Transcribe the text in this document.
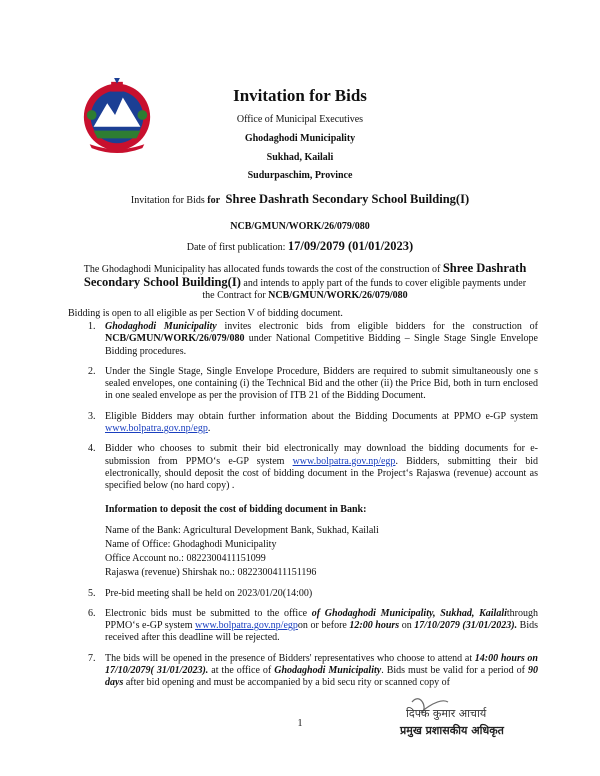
Invitation for Bids
Office of Municipal Executives
Ghodaghodi Municipality
Sukhad, Kailali
Sudurpaschim, Province
Invitation for Bids for Shree Dashrath Secondary School Building(I)
NCB/GMUN/WORK/26/079/080
Date of first publication: 17/09/2079 (01/01/2023)
The Ghodaghodi Municipality has allocated funds towards the cost of the construction of Shree Dashrath Secondary School Building(I) and intends to apply part of the funds to cover eligible payments under the Contract for NCB/GMUN/WORK/26/079/080
Bidding is open to all eligible as per Section V of bidding document.
1. Ghodaghodi Municipality invites electronic bids from eligible bidders for the construction of NCB/GMUN/WORK/26/079/080 under National Competitive Bidding – Single Stage Single Envelope Bidding procedures.
2. Under the Single Stage, Single Envelope Procedure, Bidders are required to submit simultaneously one s sealed envelopes, one containing (i) the Technical Bid and the other (ii) the Price Bid, both in turn enclosed in one sealed envelope as per the provision of ITB 21 of the Bidding Document.
3. Eligible Bidders may obtain further information about the Bidding Documents at PPMO e-GP system www.bolpatra.gov.np/egp.
4. Bidder who chooses to submit their bid electronically may download the bidding documents for e-submission from PPMO‘s e-GP system www.bolpatra.gov.np/egp. Bidders, submitting their bid electronically, should deposit the cost of bidding document in the Project‘s Rajaswa (revenue) account as specified below (no hard copy) .

Information to deposit the cost of bidding document in Bank:

Name of the Bank: Agricultural Development Bank, Sukhad, Kailali

Name of Office: Ghodaghodi Municipality

Office Account no.: 0822300411151099

Rajaswa (revenue) Shirshak no.: 0822300411151196

5. Pre-bid meeting shall be held on 2023/01/20(14:00)
6. Electronic bids must be submitted to the office of Ghodaghodi Municipality, Sukhad, Kailalithrough PPMO‘s e-GP system www.bolpatra.gov.np/egpon or before 12:00 hours on 17/10/2079 (31/01/2023). Bids received after this deadline will be rejected.
7. The bids will be opened in the presence of Bidders' representatives who choose to attend at 14:00 hours on 17/10/2079( 31/01/2023). at the office of Ghodaghodi Municipality. Bids must be valid for a period of 90 days after bid opening and must be accompanied by a bid secu rity or scanned copy of
1
दिपक कुमार आचार्य
प्रमुख प्रशासकीय अधिकृत
